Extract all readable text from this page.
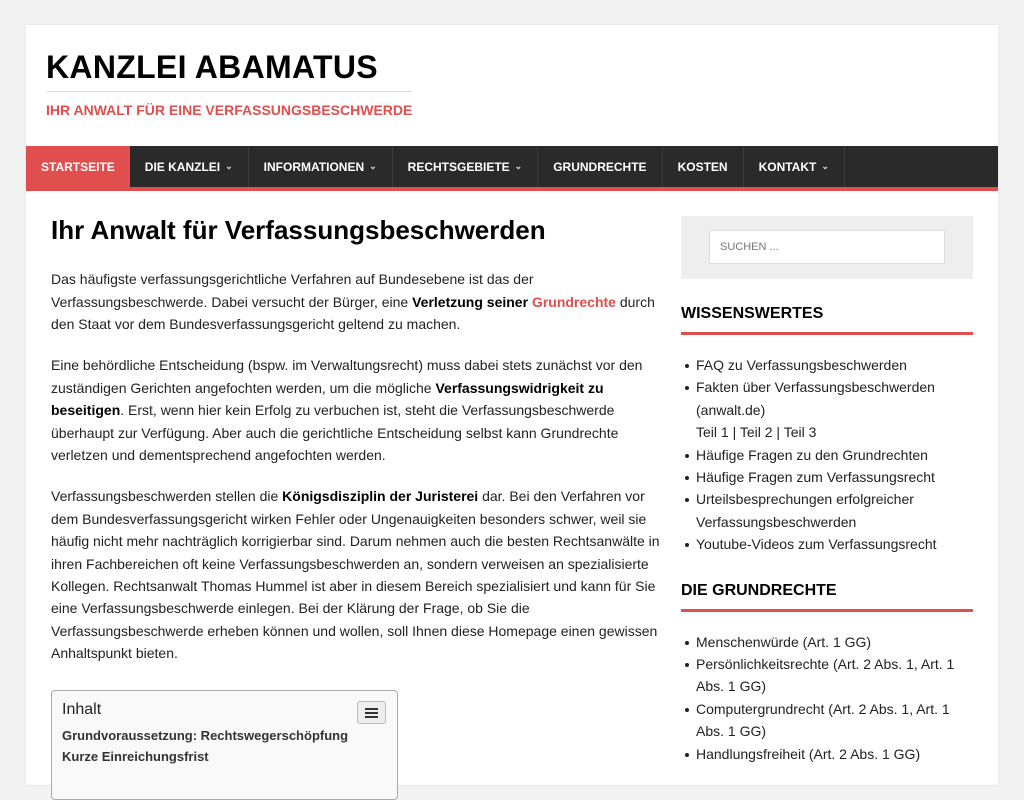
KANZLEI ABAMATUS
IHR ANWALT FÜR EINE VERFASSUNGSBESCHWERDE
STARTSEITE	DIE KANZLEI ⌄	INFORMATIONEN ⌄	RECHTSGEBIETE ⌄	GRUNDRECHTE	KOSTEN	KONTAKT ⌄
Ihr Anwalt für Verfassungsbeschwerden

Das häufigste verfassungsgerichtliche Verfahren auf Bundesebene ist das der Verfassungsbeschwerde. Dabei versucht der Bürger, eine Verletzung seiner Grundrechte durch den Staat vor dem Bundesverfassungsgericht geltend zu machen.

Eine behördliche Entscheidung (bspw. im Verwaltungsrecht) muss dabei stets zunächst vor den zuständigen Gerichten angefochten werden, um die mögliche Verfassungswidrigkeit zu beseitigen. Erst, wenn hier kein Erfolg zu verbuchen ist, steht die Verfassungsbeschwerde überhaupt zur Verfügung. Aber auch die gerichtliche Entscheidung selbst kann Grundrechte verletzen und dementsprechend angefochten werden.

Verfassungsbeschwerden stellen die Königsdisziplin der Juristerei dar. Bei den Verfahren vor dem Bundesverfassungsgericht wirken Fehler oder Ungenauigkeiten besonders schwer, weil sie häufig nicht mehr nachträglich korrigierbar sind. Darum nehmen auch die besten Rechtsanwälte in ihren Fachbereichen oft keine Verfassungsbeschwerden an, sondern verweisen an spezialisierte Kollegen. Rechtsanwalt Thomas Hummel ist aber in diesem Bereich spezialisiert und kann für Sie eine Verfassungsbeschwerde einlegen. Bei der Klärung der Frage, ob Sie die Verfassungsbeschwerde erheben können und wollen, soll Ihnen diese Homepage einen gewissen Anhaltspunkt bieten.

Inhalt
Grundvoraussetzung: Rechtswegerschöpfung
Kurze Einreichungsfrist
SUCHEN ...
WISSENSWERTES
FAQ zu Verfassungsbeschwerden
Fakten über Verfassungsbeschwerden (anwalt.de)
Teil 1 | Teil 2 | Teil 3
Häufige Fragen zu den Grundrechten
Häufige Fragen zum Verfassungsrecht
Urteilsbesprechungen erfolgreicher Verfassungsbeschwerden
Youtube-Videos zum Verfassungsrecht
DIE GRUNDRECHTE
Menschenwürde (Art. 1 GG)
Persönlichkeitsrechte (Art. 2 Abs. 1, Art. 1 Abs. 1 GG)
Computergrundrecht (Art. 2 Abs. 1, Art. 1 Abs. 1 GG)
Handlungsfreiheit (Art. 2 Abs. 1 GG)
